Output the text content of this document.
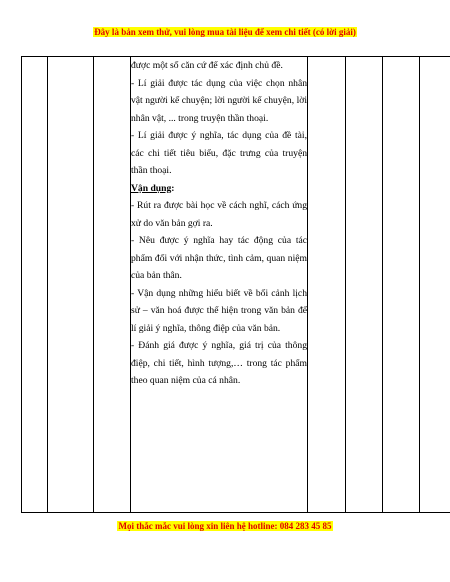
Đây là bản xem thử, vui lòng mua tài liệu để xem chi tiết (có lời giải)

được một số căn cứ để xác định chủ đề.

- Lí giải được tác dụng của việc chọn nhân vật người kể chuyện; lời người kể chuyện, lời nhân vật, ... trong truyện thần thoại.

- Lí giải được ý nghĩa, tác dụng của đề tài, các chi tiết tiêu biểu, đặc trưng của truyện thần thoại.

Vận dụng:

- Rút ra được bài học về cách nghĩ, cách ứng xử do văn bản gợi ra.

- Nêu được ý nghĩa hay tác động của tác phẩm đối với nhận thức, tình cảm, quan niệm của bản thân.

- Vận dụng những hiểu biết về bối cảnh lịch sử – văn hoá được thể hiện trong văn bản để lí giải ý nghĩa, thông điệp của văn bản.

- Đánh giá được ý nghĩa, giá trị của thông điệp, chi tiết, hình tượng,… trong tác phẩm theo quan niệm của cá nhân.

Mọi thắc mắc vui lòng xin liên hệ hotline: 084 283 45 85
